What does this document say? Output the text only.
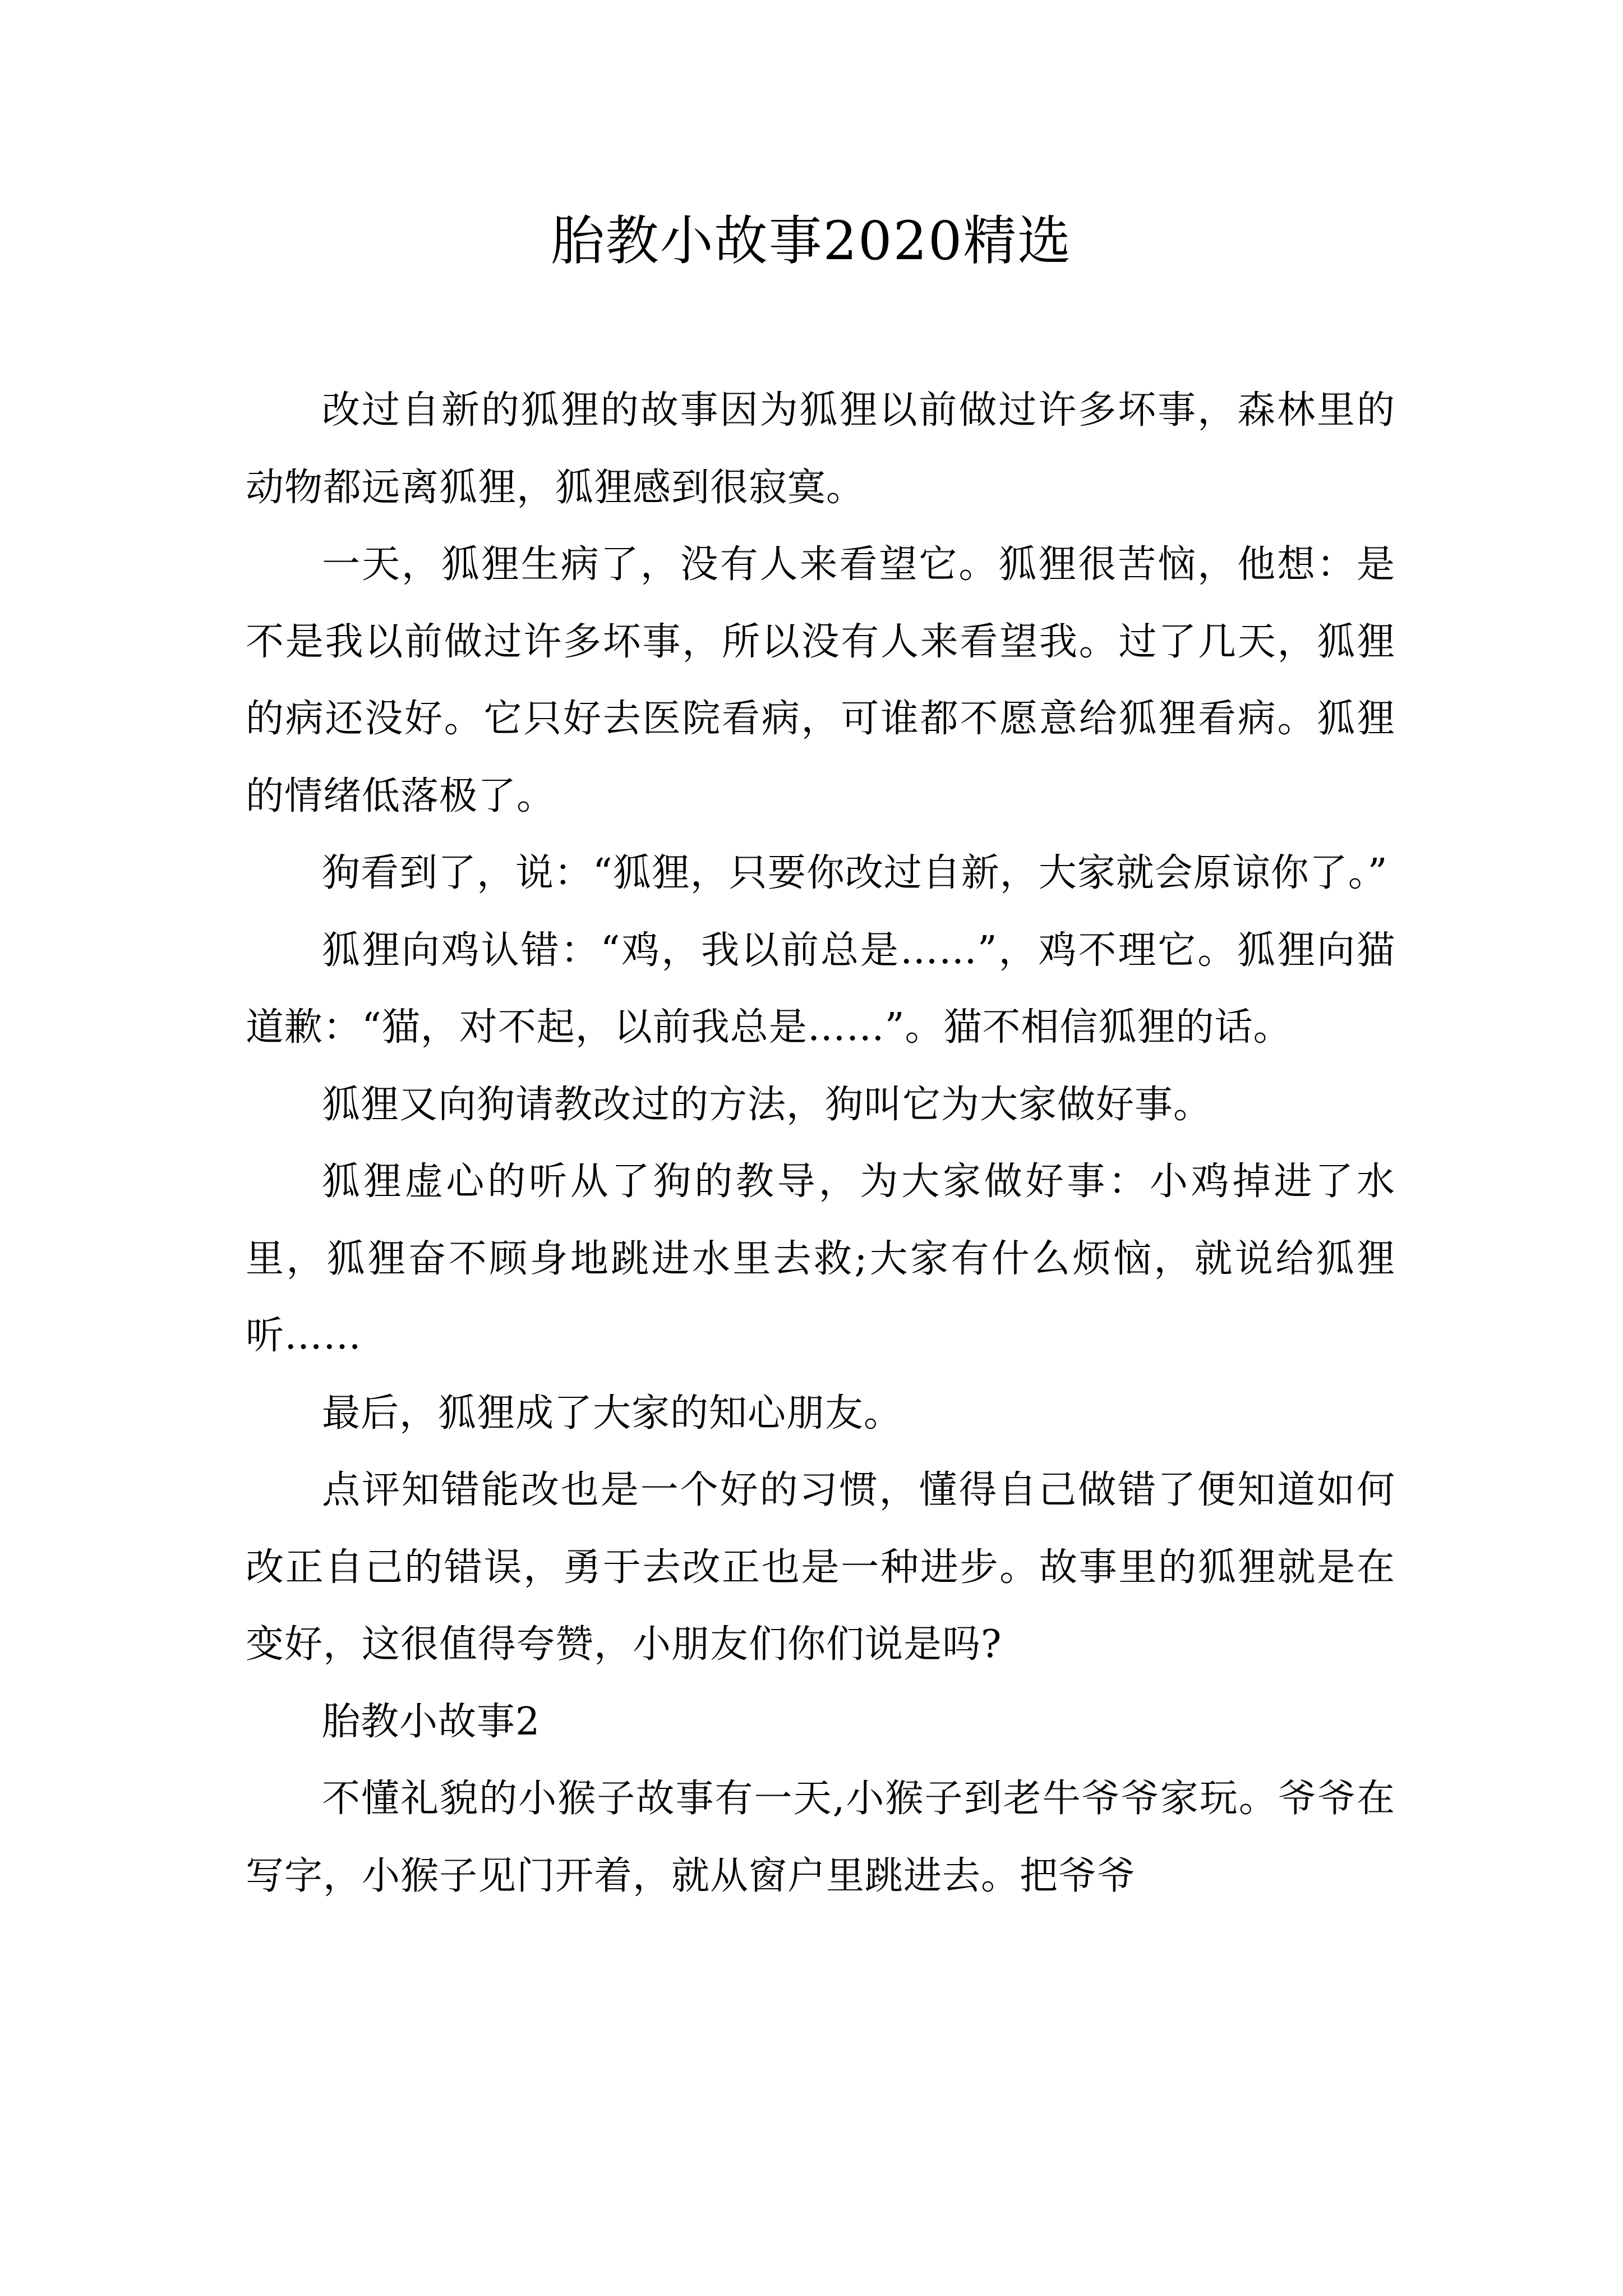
胎教小故事2020精选

改过自新的狐狸的故事因为狐狸以前做过许多坏事，森林里的动物都远离狐狸，狐狸感到很寂寞。

一天，狐狸生病了，没有人来看望它。狐狸很苦恼，他想：是不是我以前做过许多坏事，所以没有人来看望我。过了几天，狐狸的病还没好。它只好去医院看病，可谁都不愿意给狐狸看病。狐狸的情绪低落极了。

狗看到了，说：“狐狸，只要你改过自新，大家就会原谅你了。”

狐狸向鸡认错：“鸡，我以前总是……”，鸡不理它。狐狸向猫道歉：“猫，对不起，以前我总是……”。猫不相信狐狸的话。

狐狸又向狗请教改过的方法，狗叫它为大家做好事。

狐狸虚心的听从了狗的教导，为大家做好事：小鸡掉进了水里，狐狸奋不顾身地跳进水里去救;大家有什么烦恼，就说给狐狸听……

最后，狐狸成了大家的知心朋友。

点评知错能改也是一个好的习惯，懂得自己做错了便知道如何改正自己的错误，勇于去改正也是一种进步。故事里的狐狸就是在变好，这很值得夸赞，小朋友们你们说是吗?

胎教小故事2

不懂礼貌的小猴子故事有一天,小猴子到老牛爷爷家玩。爷爷在写字，小猴子见门开着，就从窗户里跳进去。把爷爷
